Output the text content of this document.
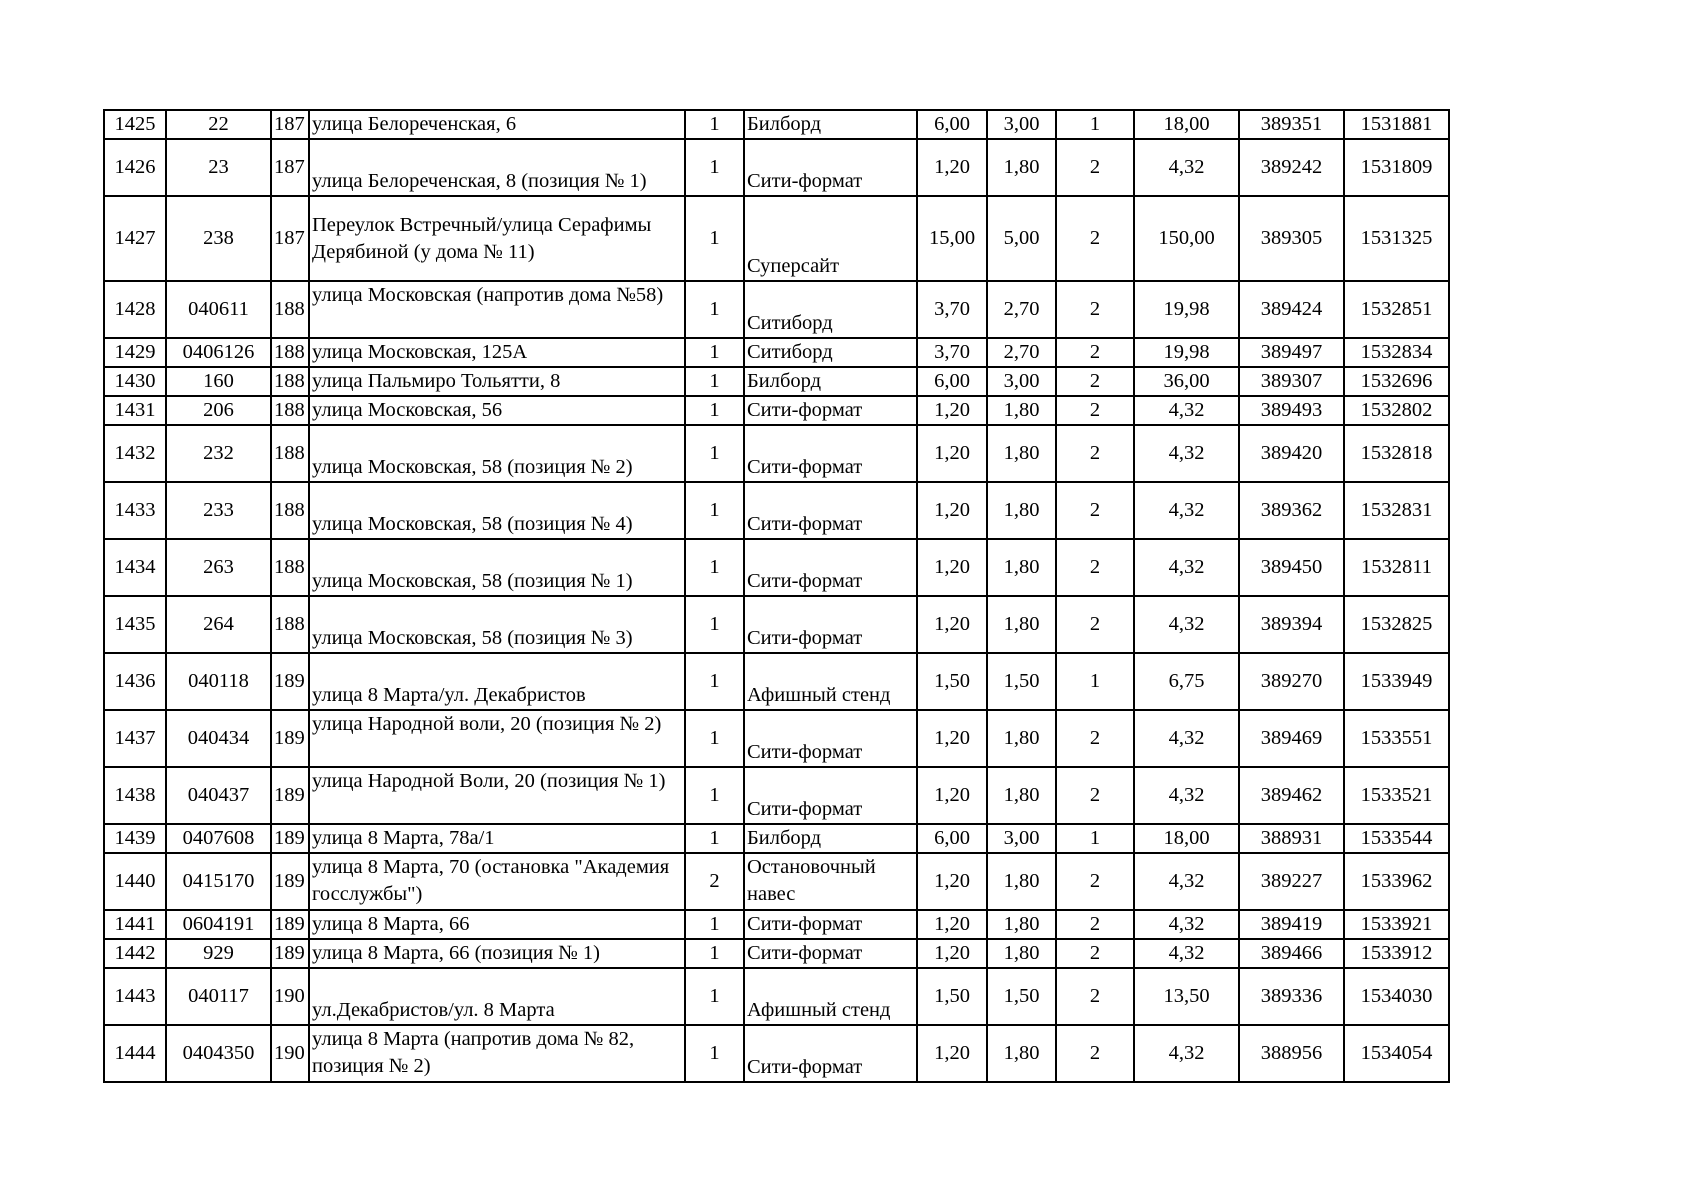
1425	22	187	улица Белореченская, 6	1	Билборд	6,00	3,00	1	18,00	389351	1531881
1426	23	187	улица Белореченская, 8 (позиция № 1)	1	Сити-формат	1,20	1,80	2	4,32	389242	1531809
1427	238	187	Переулок Встречный/улица Серафимы Дерябиной (у дома № 11)	1	Суперсайт	15,00	5,00	2	150,00	389305	1531325
1428	040611	188	улица Московская (напротив дома №58)	1	Ситиборд	3,70	2,70	2	19,98	389424	1532851
1429	0406126	188	улица Московская, 125А	1	Ситиборд	3,70	2,70	2	19,98	389497	1532834
1430	160	188	улица Пальмиро Тольятти, 8	1	Билборд	6,00	3,00	2	36,00	389307	1532696
1431	206	188	улица Московская, 56	1	Сити-формат	1,20	1,80	2	4,32	389493	1532802
1432	232	188	улица Московская, 58 (позиция № 2)	1	Сити-формат	1,20	1,80	2	4,32	389420	1532818
1433	233	188	улица Московская, 58 (позиция № 4)	1	Сити-формат	1,20	1,80	2	4,32	389362	1532831
1434	263	188	улица Московская, 58 (позиция № 1)	1	Сити-формат	1,20	1,80	2	4,32	389450	1532811
1435	264	188	улица Московская, 58 (позиция № 3)	1	Сити-формат	1,20	1,80	2	4,32	389394	1532825
1436	040118	189	улица 8 Марта/ул. Декабристов	1	Афишный стенд	1,50	1,50	1	6,75	389270	1533949
1437	040434	189	улица Народной воли, 20 (позиция № 2)	1	Сити-формат	1,20	1,80	2	4,32	389469	1533551
1438	040437	189	улица Народной Воли, 20 (позиция № 1)	1	Сити-формат	1,20	1,80	2	4,32	389462	1533521
1439	0407608	189	улица 8 Марта, 78а/1	1	Билборд	6,00	3,00	1	18,00	388931	1533544
1440	0415170	189	улица 8 Марта, 70 (остановка "Академия госслужбы")	2	Остановочный навес	1,20	1,80	2	4,32	389227	1533962
1441	0604191	189	улица 8 Марта, 66	1	Сити-формат	1,20	1,80	2	4,32	389419	1533921
1442	929	189	улица 8 Марта, 66 (позиция № 1)	1	Сити-формат	1,20	1,80	2	4,32	389466	1533912
1443	040117	190	ул.Декабристов/ул. 8 Марта	1	Афишный стенд	1,50	1,50	2	13,50	389336	1534030
1444	0404350	190	улица 8 Марта (напротив дома № 82, позиция № 2)	1	Сити-формат	1,20	1,80	2	4,32	388956	1534054
